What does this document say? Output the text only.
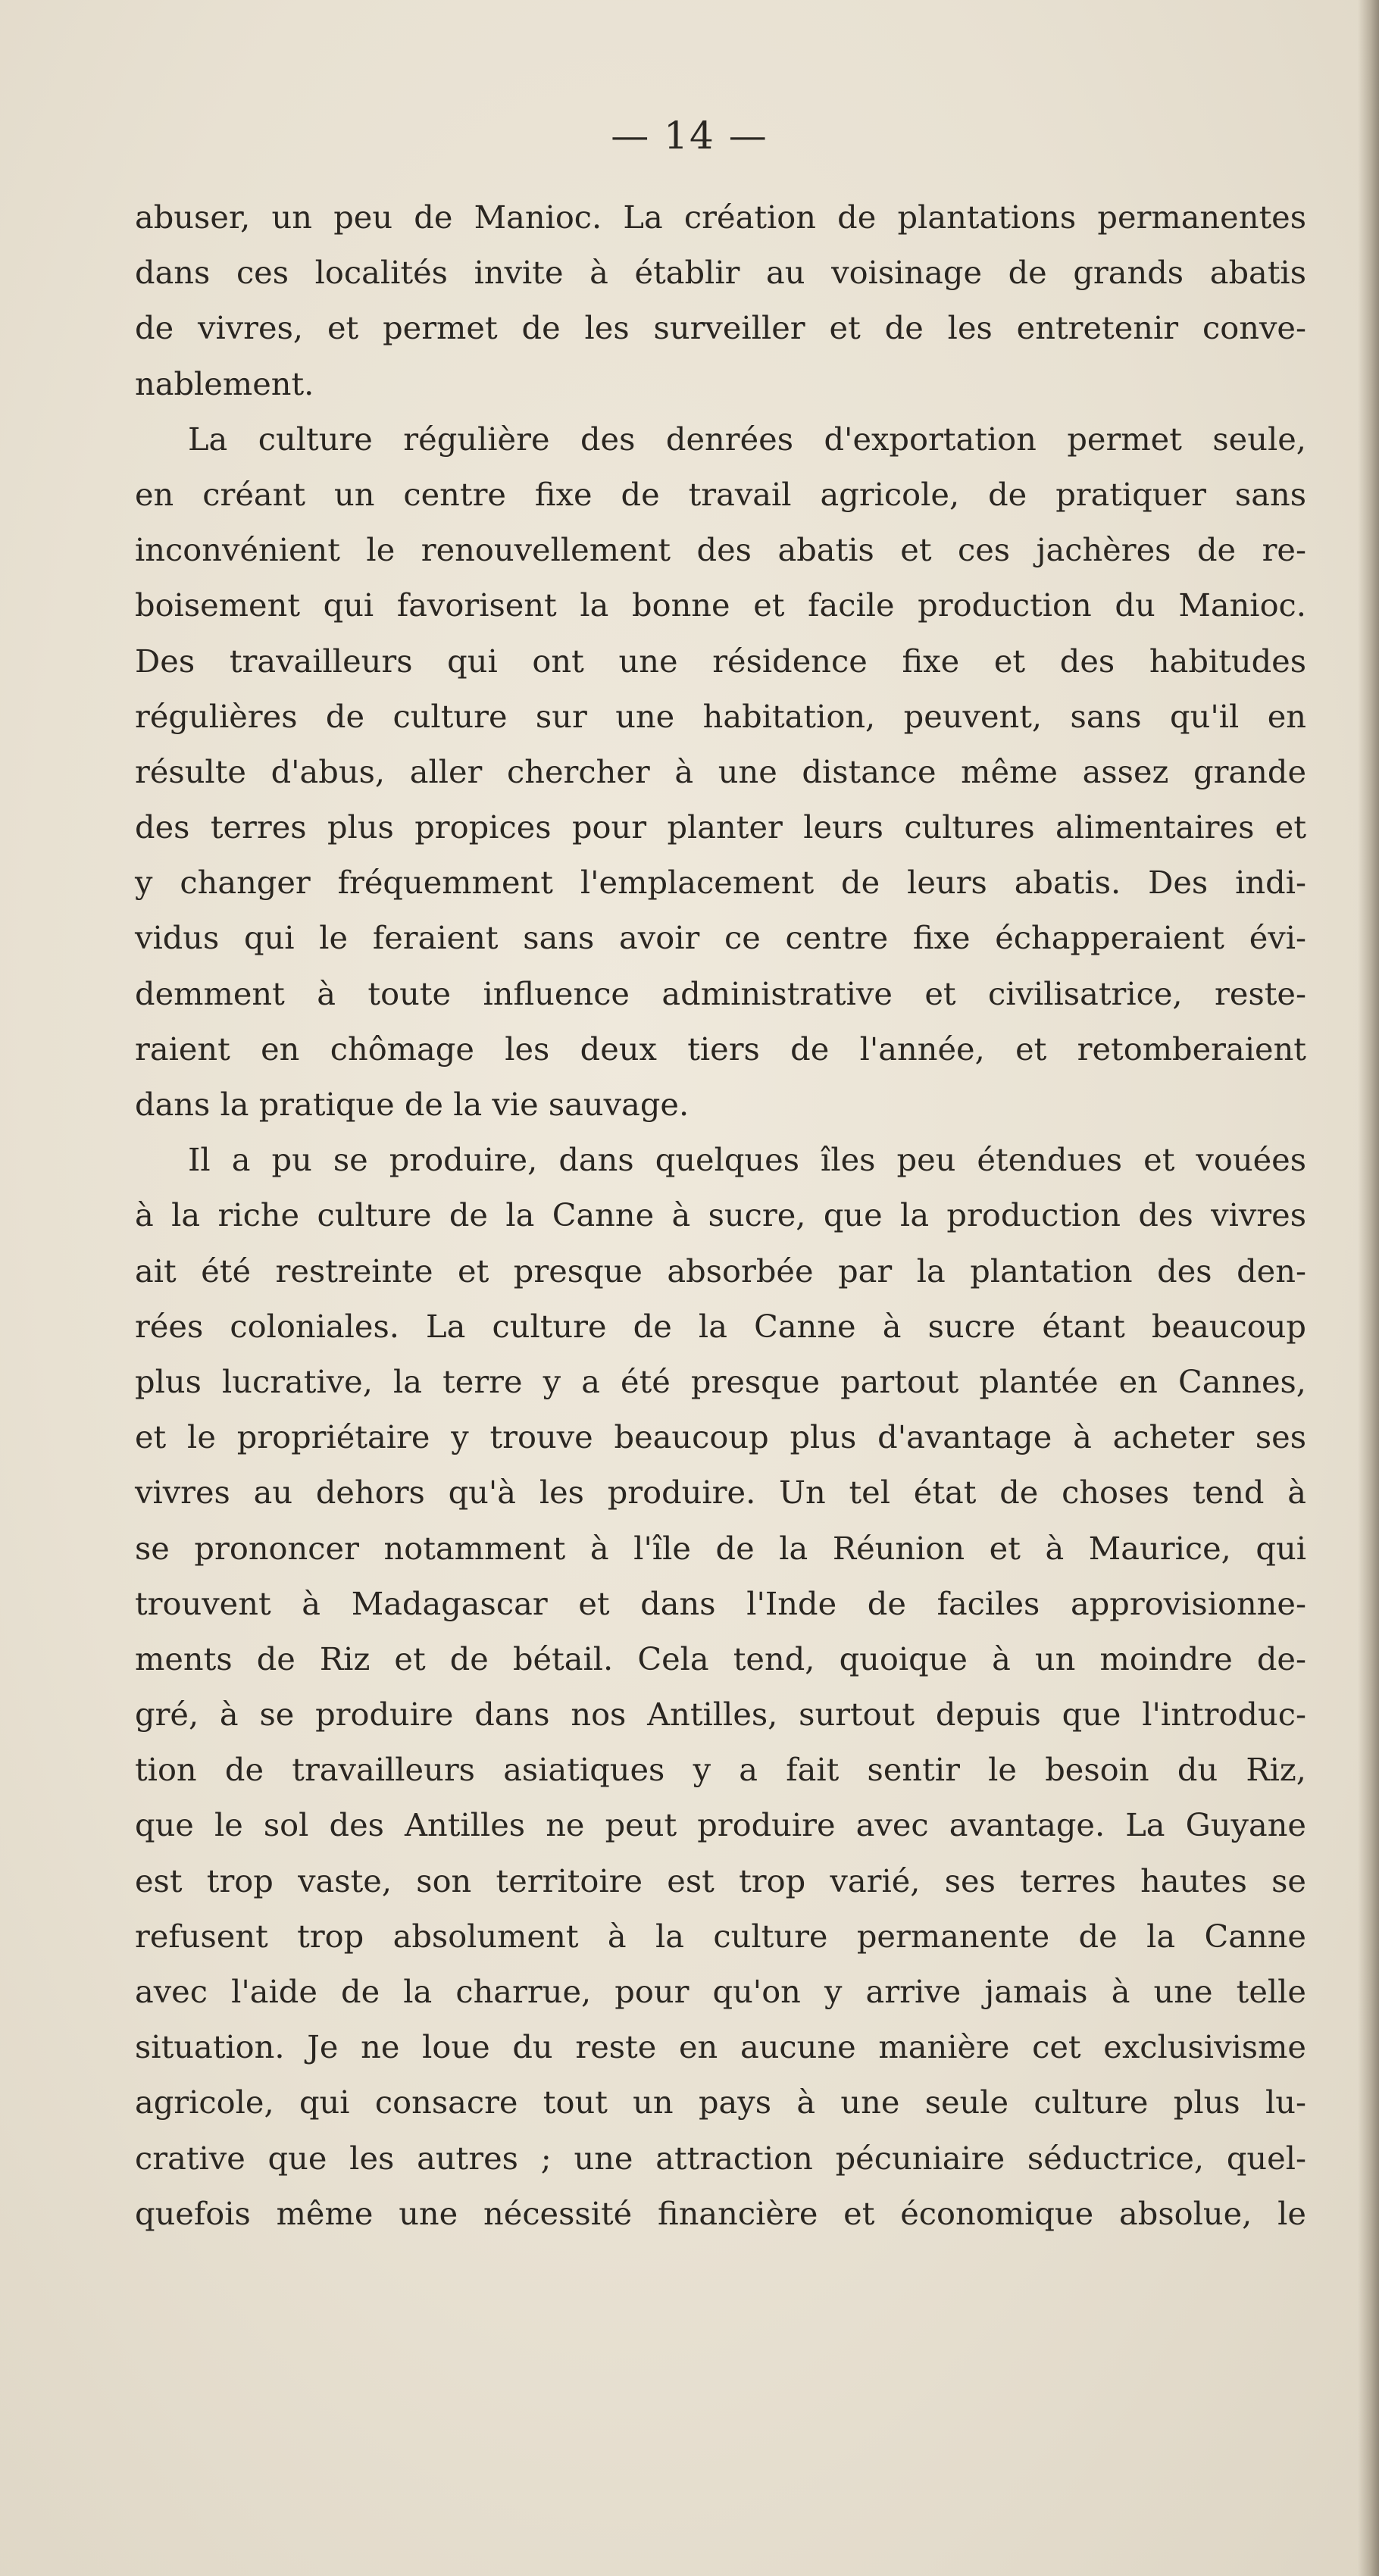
— 14 —
abuser, un peu de Manioc. La création de plantations permanentes
dans ces localités invite à établir au voisinage de grands abatis
de vivres, et permet de les surveiller et de les entretenir conve-
nablement.
La culture régulière des denrées d'exportation permet seule,
en créant un centre fixe de travail agricole, de pratiquer sans
inconvénient le renouvellement des abatis et ces jachères de re-
boisement qui favorisent la bonne et facile production du Manioc.
Des travailleurs qui ont une résidence fixe et des habitudes
régulières de culture sur une habitation, peuvent, sans qu'il en
résulte d'abus, aller chercher à une distance même assez grande
des terres plus propices pour planter leurs cultures alimentaires et
y changer fréquemment l'emplacement de leurs abatis. Des indi-
vidus qui le feraient sans avoir ce centre fixe échapperaient évi-
demment à toute influence administrative et civilisatrice, reste-
raient en chômage les deux tiers de l'année, et retomberaient
dans la pratique de la vie sauvage.
Il a pu se produire, dans quelques îles peu étendues et vouées
à la riche culture de la Canne à sucre, que la production des vivres
ait été restreinte et presque absorbée par la plantation des den-
rées coloniales. La culture de la Canne à sucre étant beaucoup
plus lucrative, la terre y a été presque partout plantée en Cannes,
et le propriétaire y trouve beaucoup plus d'avantage à acheter ses
vivres au dehors qu'à les produire. Un tel état de choses tend à
se prononcer notamment à l'île de la Réunion et à Maurice, qui
trouvent à Madagascar et dans l'Inde de faciles approvisionne-
ments de Riz et de bétail. Cela tend, quoique à un moindre de-
gré, à se produire dans nos Antilles, surtout depuis que l'introduc-
tion de travailleurs asiatiques y a fait sentir le besoin du Riz,
que le sol des Antilles ne peut produire avec avantage. La Guyane
est trop vaste, son territoire est trop varié, ses terres hautes se
refusent trop absolument à la culture permanente de la Canne
avec l'aide de la charrue, pour qu'on y arrive jamais à une telle
situation. Je ne loue du reste en aucune manière cet exclusivisme
agricole, qui consacre tout un pays à une seule culture plus lu-
crative que les autres ; une attraction pécuniaire séductrice, quel-
quefois même une nécessité financière et économique absolue, le
